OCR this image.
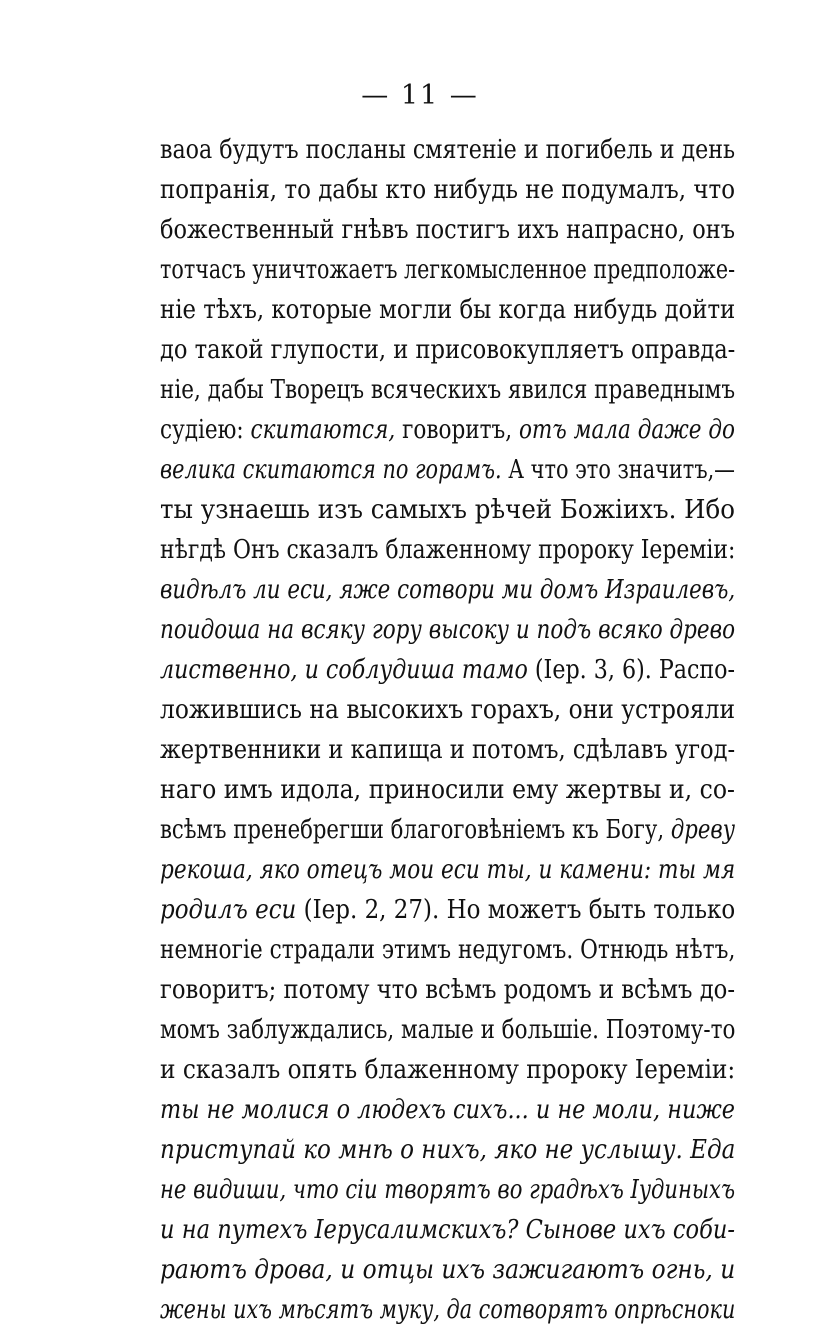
— 11 —
ваоа будутъ посланы смятеніе и погибель и день
попранія, то дабы кто нибудь не подумалъ, что
божественный гнѣвъ постигъ ихъ напрасно, онъ
тотчасъ уничтожаетъ легкомысленное предположе-
ніе тѣхъ, которые могли бы когда нибудь дойти
до такой глупости, и присовокупляетъ оправда-
ніе, дабы Творецъ всяческихъ явился праведнымъ
судіею: скитаются, говоритъ, отъ мала даже до
велика скитаются по горамъ. А что это значитъ,—
ты узнаешь изъ самыхъ рѣчей Божіихъ. Ибо
нѣгдѣ Онъ сказалъ блаженному пророку Іереміи:
видѣлъ ли еси, яже сотвори ми домъ Израилевъ,
поидоша на всяку гору высоку и подъ всяко древо
лиственно, и соблудиша тамо (Іер. 3, 6). Распо-
ложившись на высокихъ горахъ, они устрояли
жертвенники и капища и потомъ, сдѣлавъ угод-
наго имъ идола, приносили ему жертвы и, со-
всѣмъ пренебрегши благоговѣніемъ къ Богу, древу
рекоша, яко отецъ мои еси ты, и камени: ты мя
родилъ еси (Іер. 2, 27). Но можетъ быть только
немногіе страдали этимъ недугомъ. Отнюдь нѣтъ,
говоритъ; потому что всѣмъ родомъ и всѣмъ до-
момъ заблуждались, малые и большіе. Поэтому-то
и сказалъ опять блаженному пророку Іереміи:
ты не молися о людехъ сихъ... и не моли, ниже
приступай ко мнѣ о нихъ, яко не услышу. Еда
не видиши, что сіи творятъ во градѣхъ Іудиныхъ
и на путехъ Іерусалимскихъ? Сынове ихъ соби-
раютъ дрова, и отцы ихъ зажигаютъ огнь, и
жены ихъ мѣсятъ муку, да сотворятъ опрѣсноки
